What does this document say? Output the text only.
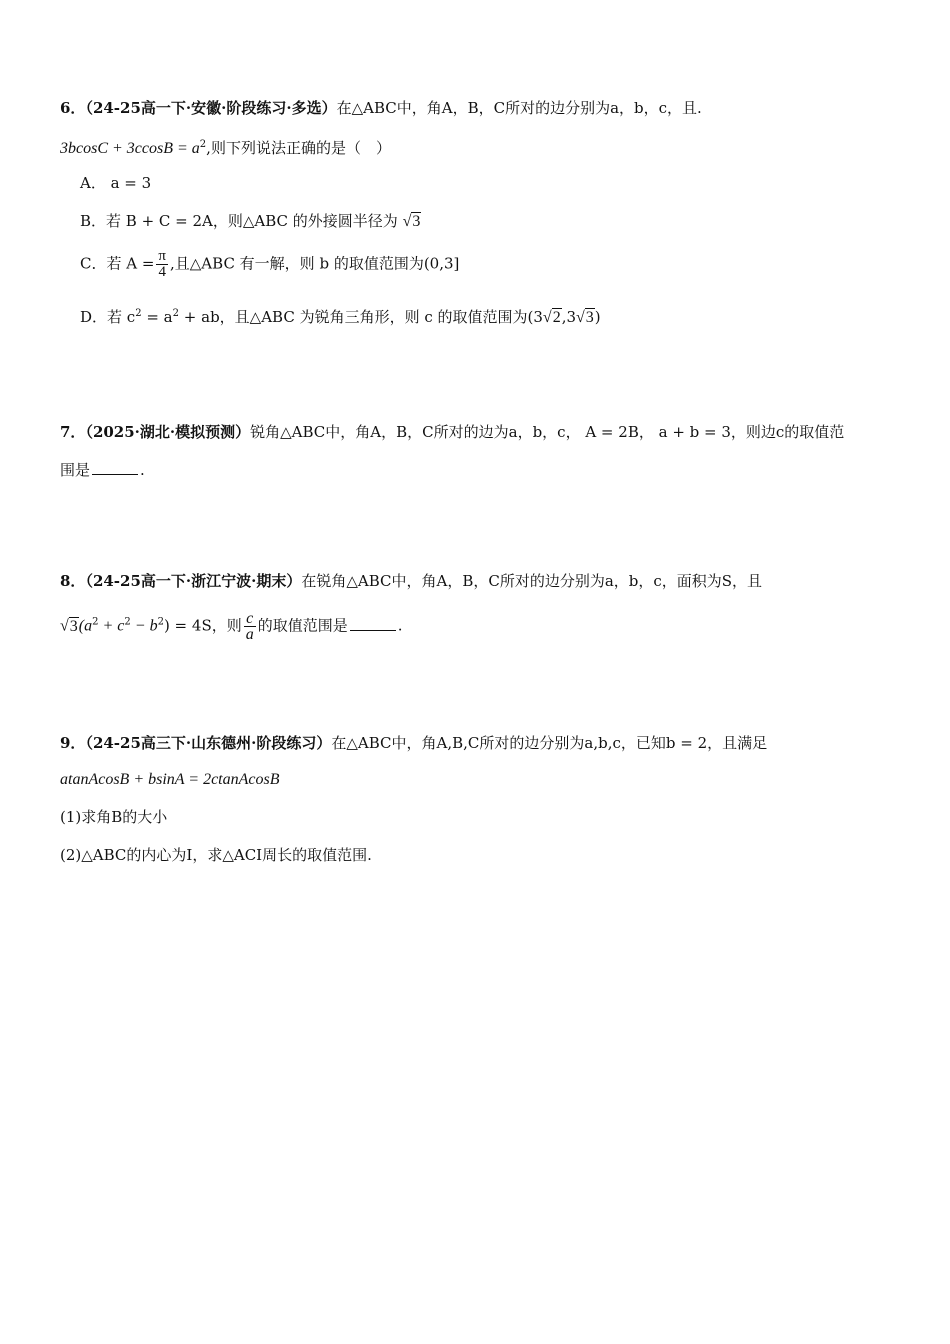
6．（24-25高一下·安徽·阶段练习·多选）在△ABC中，角A，B，C所对的边分别为a，b，c，且.
$3bcosC + 3ccosB = a^2$,则下列说法正确的是（　）
A． a = 3
B．若 B + C = 2A，则△ABC 的外接圆半径为 √3
C．若 $A = \frac{\pi}{4}$ ,且△ABC 有一解，则 b 的取值范围为(0,3]
D．若 $c^2 = a^2$ + ab，且△ABC 为锐角三角形，则 c 的取值范围为(3√2,3√3)
7．（2025·湖北·模拟预测）锐角△ABC中，角A，B，C所对的边为a，b，c， A = 2B， a + b = 3，则边c的取值范
围是	.
8．（24-25高一下·浙江宁波·期末）在锐角△ABC中，角A，B，C所对的边分别为a，b，c，面积为S，且
$√3(a^2 + c^2 - b^2) = 4S$，则 $\frac{c}{a}$ 的取值范围是	.
9．（24-25高三下·山东德州·阶段练习）在△ABC中，角A,B,C所对的边分别为a,b,c，已知b = 2，且满足
atanAcosB + bsinA = 2ctanAcosB
(1)求角B的大小
(2)△ABC的内心为I，求△ACI周长的取值范围.
